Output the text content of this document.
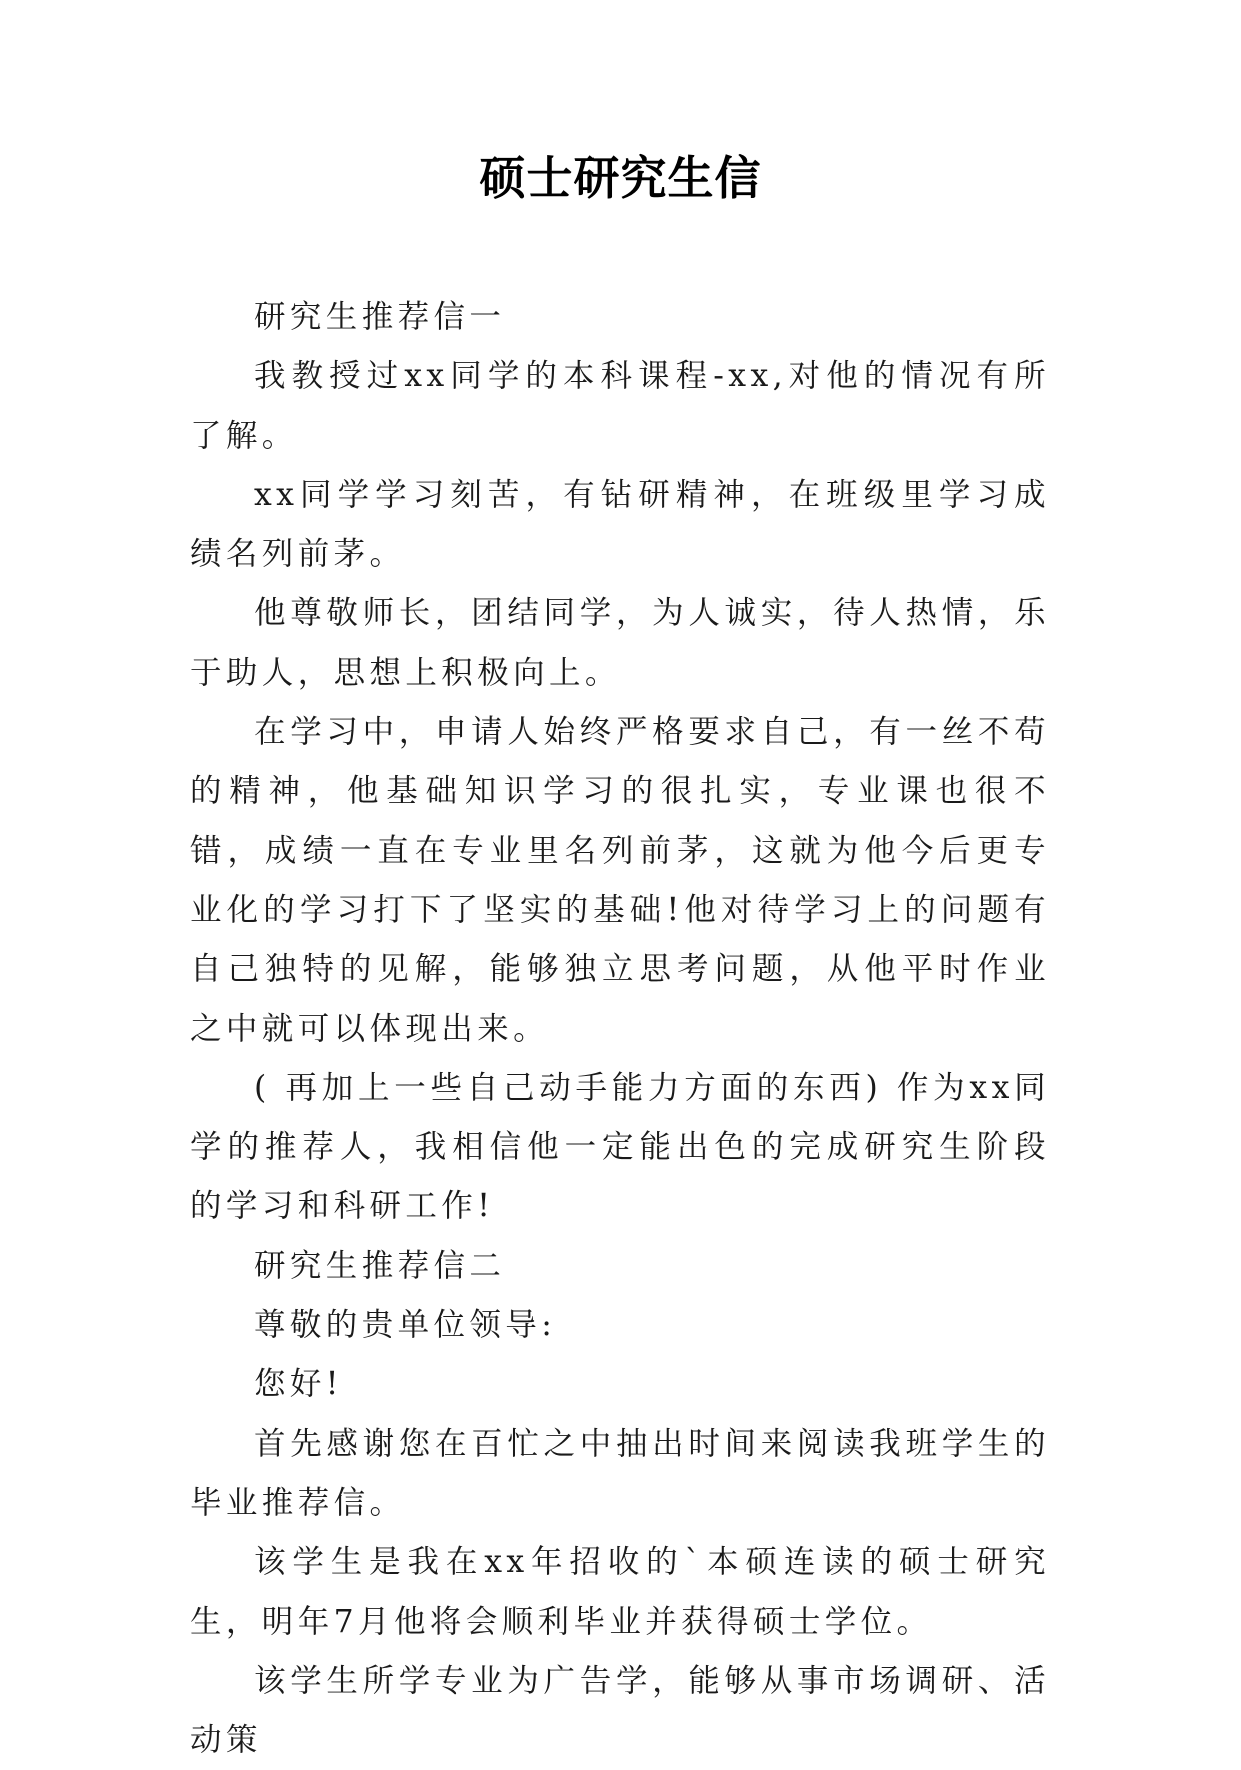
硕士研究生信

研究生推荐信一

我教授过xx同学的本科课程-xx,对他的情况有所了解。

xx同学学习刻苦，有钻研精神，在班级里学习成绩名列前茅。

他尊敬师长，团结同学，为人诚实，待人热情，乐于助人，思想上积极向上。

在学习中，申请人始终严格要求自己，有一丝不苟的精神，他基础知识学习的很扎实，专业课也很不错，成绩一直在专业里名列前茅，这就为他今后更专业化的学习打下了坚实的基础!他对待学习上的问题有自己独特的见解，能够独立思考问题，从他平时作业之中就可以体现出来。

( 再加上一些自己动手能力方面的东西) 作为xx同学的推荐人，我相信他一定能出色的完成研究生阶段的学习和科研工作!

研究生推荐信二

尊敬的贵单位领导:

您好!

首先感谢您在百忙之中抽出时间来阅读我班学生的毕业推荐信。

该学生是我在xx年招收的`本硕连读的硕士研究生，明年7月他将会顺利毕业并获得硕士学位。

该学生所学专业为广告学，能够从事市场调研、活动策
